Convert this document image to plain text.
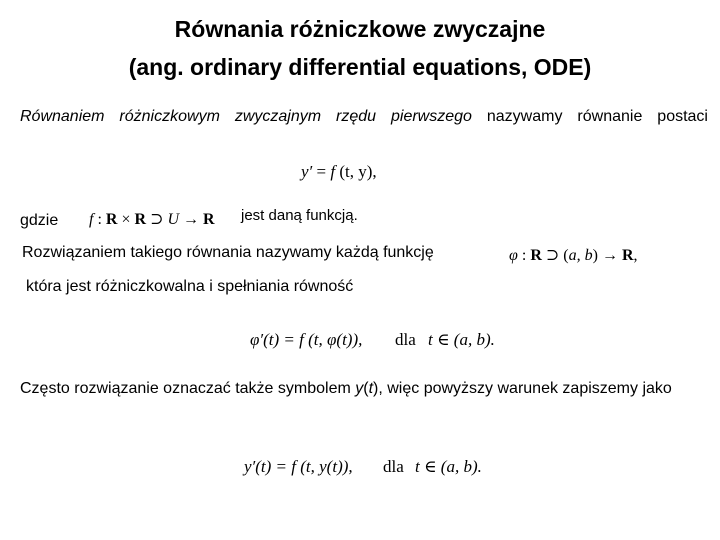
Równania różniczkowe zwyczajne
(ang. ordinary differential equations, ODE)
Równaniem różniczkowym zwyczajnym rzędu pierwszego nazywamy równanie postaci
y′ = f (t, y),
gdzie f : R × R ⊃ U → R jest daną funkcją.
Rozwiązaniem takiego równania nazywamy każdą funkcję	φ : R ⊃ (a, b) → R,
która jest różniczkowalna i spełniania równość
φ′(t) = f (t, φ(t)), dla t ∈ (a, b).
Często rozwiązanie oznaczać także symbolem y(t), więc powyższy warunek zapiszemy jako
y′(t) = f (t, y(t)), dla t ∈ (a, b).
